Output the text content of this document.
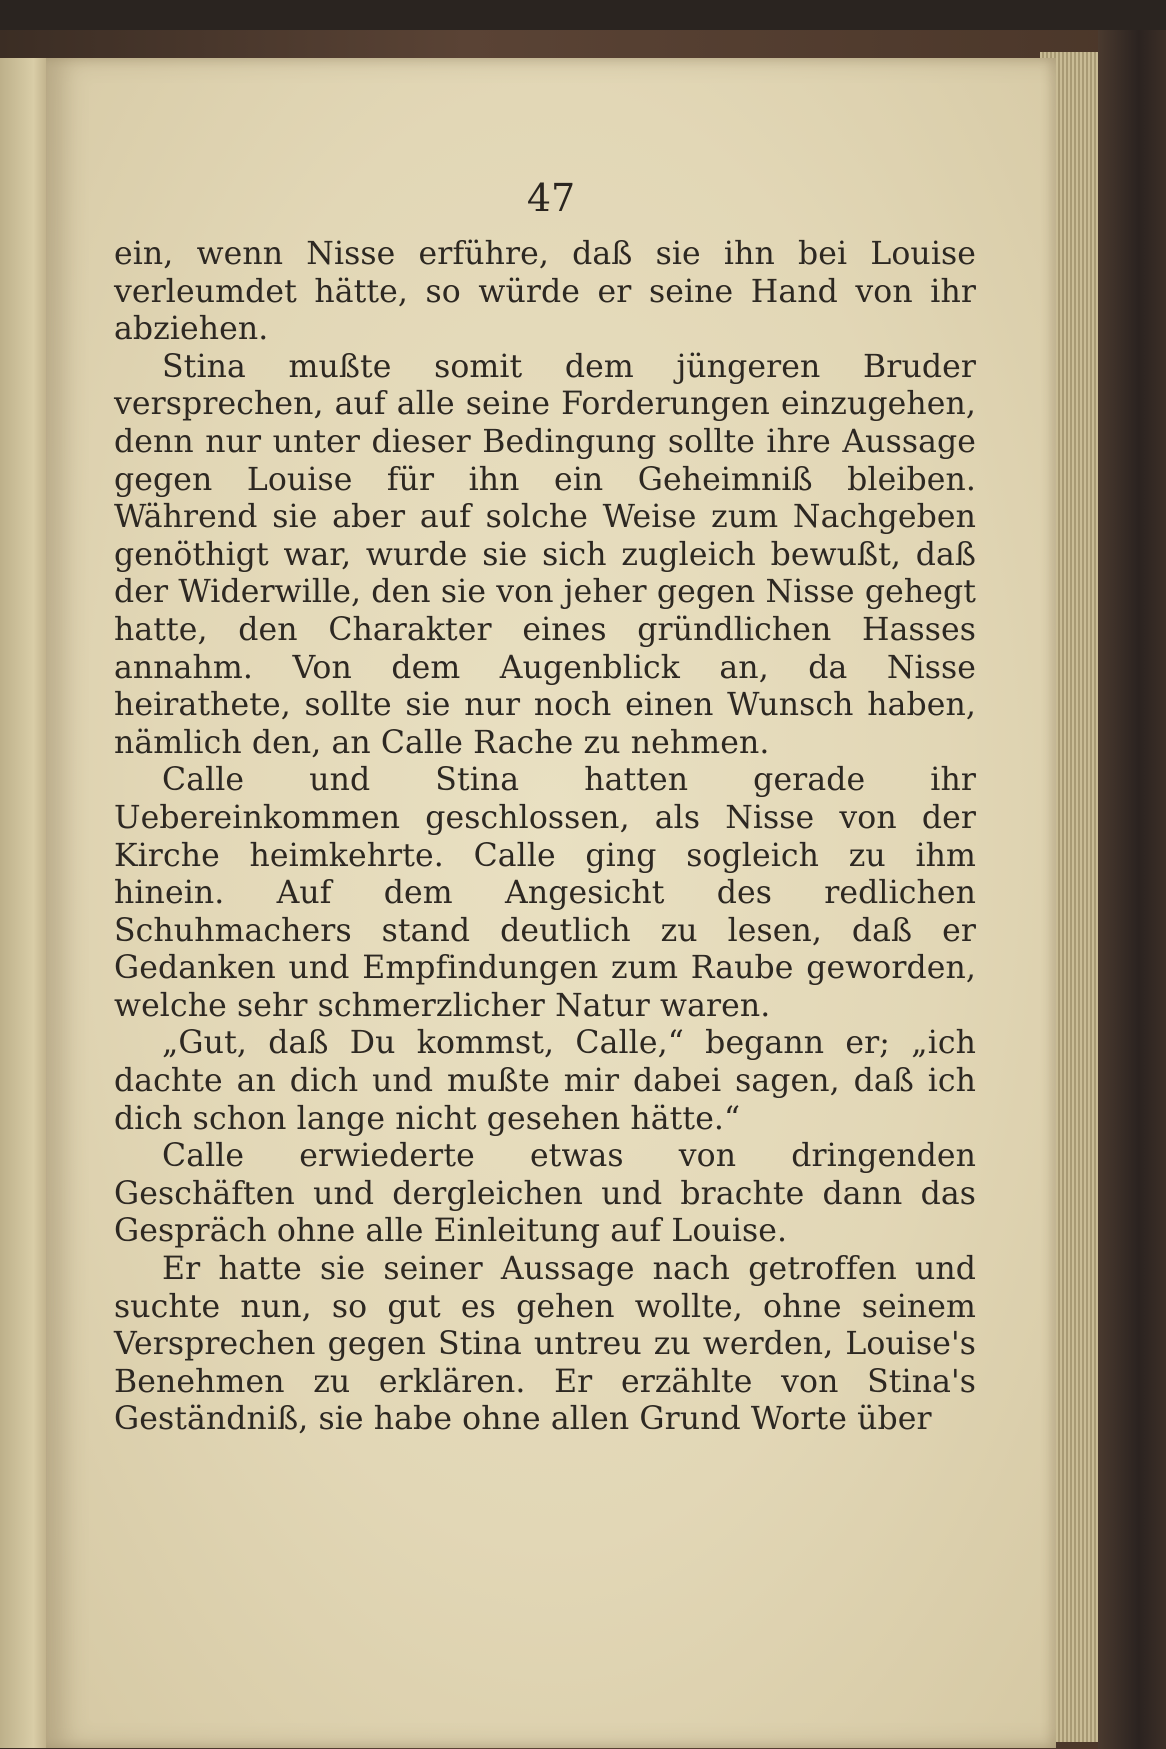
47

ein, wenn Nisse erführe, daß sie ihn bei Louise verleumdet hätte, so würde er seine Hand von ihr abziehen.

Stina mußte somit dem jüngeren Bruder versprechen, auf alle seine Forderungen einzugehen, denn nur unter dieser Bedingung sollte ihre Aussage gegen Louise für ihn ein Geheimniß bleiben. Während sie aber auf solche Weise zum Nachgeben genöthigt war, wurde sie sich zugleich bewußt, daß der Widerwille, den sie von jeher gegen Nisse gehegt hatte, den Charakter eines gründlichen Hasses annahm. Von dem Augenblick an, da Nisse heirathete, sollte sie nur noch einen Wunsch haben, nämlich den, an Calle Rache zu nehmen.

Calle und Stina hatten gerade ihr Uebereinkommen geschlossen, als Nisse von der Kirche heimkehrte. Calle ging sogleich zu ihm hinein. Auf dem Angesicht des redlichen Schuhmachers stand deutlich zu lesen, daß er Gedanken und Empfindungen zum Raube geworden, welche sehr schmerzlicher Natur waren.

„Gut, daß Du kommst, Calle,“ begann er; „ich dachte an dich und mußte mir dabei sagen, daß ich dich schon lange nicht gesehen hätte.“

Calle erwiederte etwas von dringenden Geschäften und dergleichen und brachte dann das Gespräch ohne alle Einleitung auf Louise.

Er hatte sie seiner Aussage nach getroffen und suchte nun, so gut es gehen wollte, ohne seinem Versprechen gegen Stina untreu zu werden, Louise's Benehmen zu erklären. Er erzählte von Stina's Geständniß, sie habe ohne allen Grund Worte über
